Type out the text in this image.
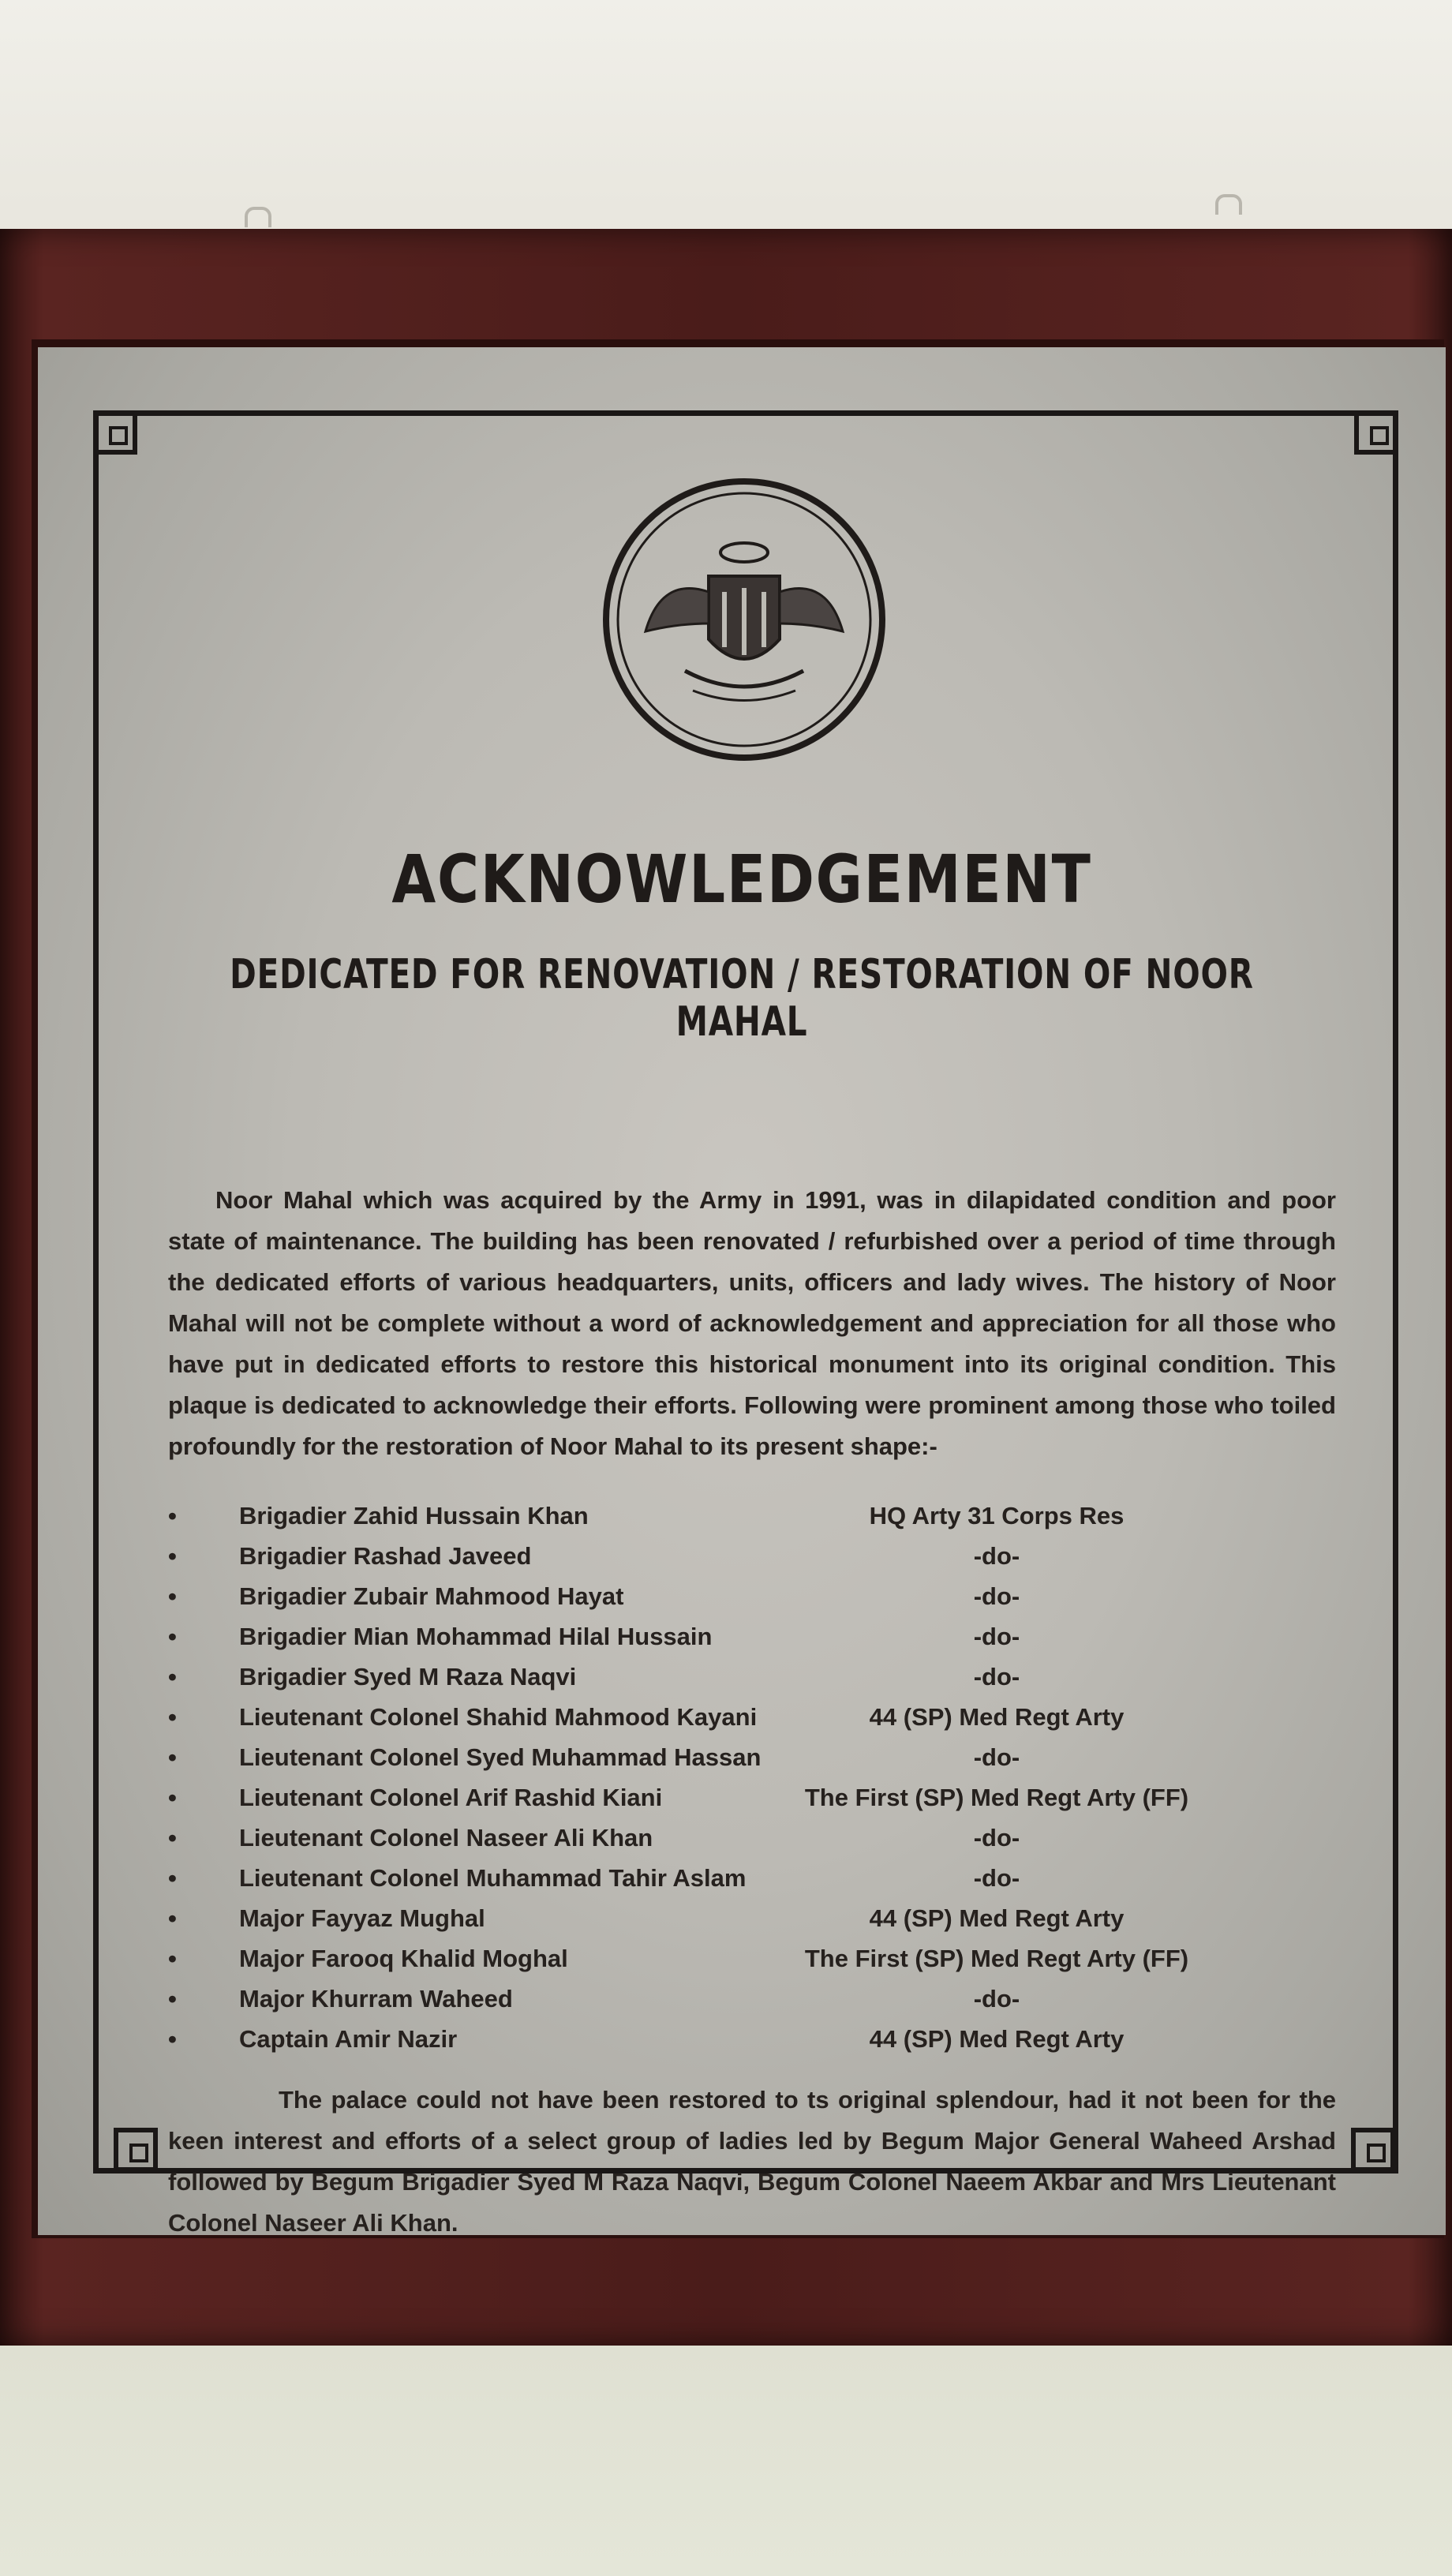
ACKNOWLEDGEMENT
DEDICATED FOR RENOVATION / RESTORATION OF NOOR MAHAL
Noor Mahal which was acquired by the Army in 1991, was in dilapidated condition and poor state of maintenance. The building has been renovated / refurbished over a period of time through the dedicated efforts of various headquarters, units, officers and lady wives. The history of Noor Mahal will not be complete without a word of acknowledgement and appreciation for all those who have put in dedicated efforts to restore this historical monument into its original condition. This plaque is dedicated to acknowledge their efforts. Following were prominent among those who toiled profoundly for the restoration of Noor Mahal to its present shape:-
•	Brigadier Zahid Hussain Khan	HQ Arty 31 Corps Res
•	Brigadier Rashad Javeed	-do-
•	Brigadier Zubair Mahmood Hayat	-do-
•	Brigadier Mian Mohammad Hilal Hussain	-do-
•	Brigadier Syed M Raza Naqvi	-do-
•	Lieutenant Colonel Shahid Mahmood Kayani	44 (SP) Med Regt Arty
•	Lieutenant Colonel Syed Muhammad Hassan	-do-
•	Lieutenant Colonel Arif Rashid Kiani	The First (SP) Med Regt Arty (FF)
•	Lieutenant Colonel Naseer Ali Khan	-do-
•	Lieutenant Colonel Muhammad Tahir Aslam	-do-
•	Major Fayyaz Mughal	44 (SP) Med Regt Arty
•	Major Farooq Khalid Moghal	The First (SP) Med Regt Arty (FF)
•	Major Khurram Waheed	-do-
•	Captain Amir Nazir	44 (SP) Med Regt Arty
The palace could not have been restored to ts original splendour, had it not been for the keen interest and efforts of a select group of ladies led by Begum Major General Waheed Arshad followed by Begum Brigadier Syed M Raza Naqvi, Begum Colonel Naeem Akbar and Mrs Lieutenant Colonel Naseer Ali Khan.
